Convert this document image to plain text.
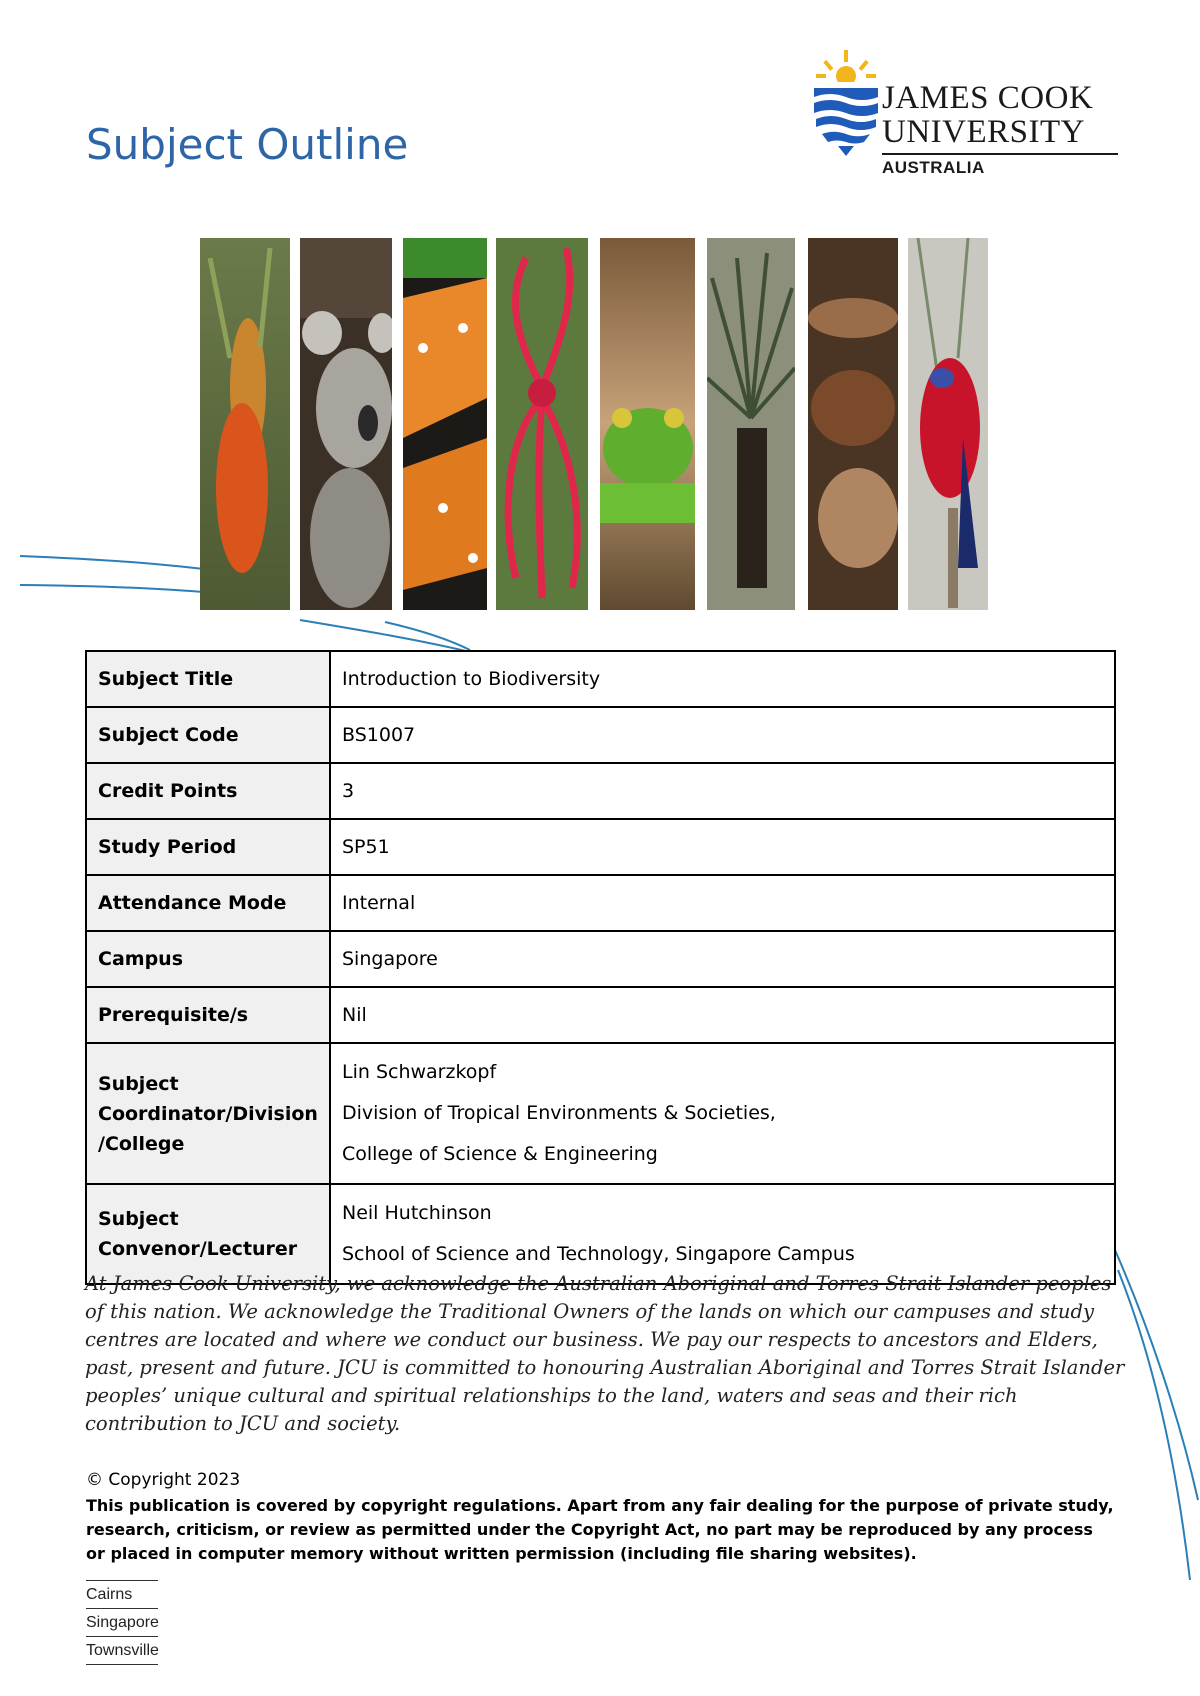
Subject Outline
JAMES COOK
UNIVERSITY
AUSTRALIA
Subject Title	Introduction to Biodiversity
Subject Code	BS1007
Credit Points	3
Study Period	SP51
Attendance Mode	Internal
Campus	Singapore
Prerequisite/s	Nil
Subject Coordinator/Division /College	Lin Schwarzkopf
Division of Tropical Environments & Societies,
College of Science & Engineering

Subject Convenor/Lecturer	Neil Hutchinson
School of Science and Technology, Singapore Campus
At James Cook University, we acknowledge the Australian Aboriginal and Torres Strait Islander peoples of this nation. We acknowledge the Traditional Owners of the lands on which our campuses and study centres are located and where we conduct our business. We pay our respects to ancestors and Elders, past, present and future. JCU is committed to honouring Australian Aboriginal and Torres Strait Islander peoples’ unique cultural and spiritual relationships to the land, waters and seas and their rich contribution to JCU and society.
© Copyright 2023
This publication is covered by copyright regulations. Apart from any fair dealing for the purpose of private study, research, criticism, or review as permitted under the Copyright Act, no part may be reproduced by any process or placed in computer memory without written permission (including file sharing websites).
Cairns
Singapore
Townsville
